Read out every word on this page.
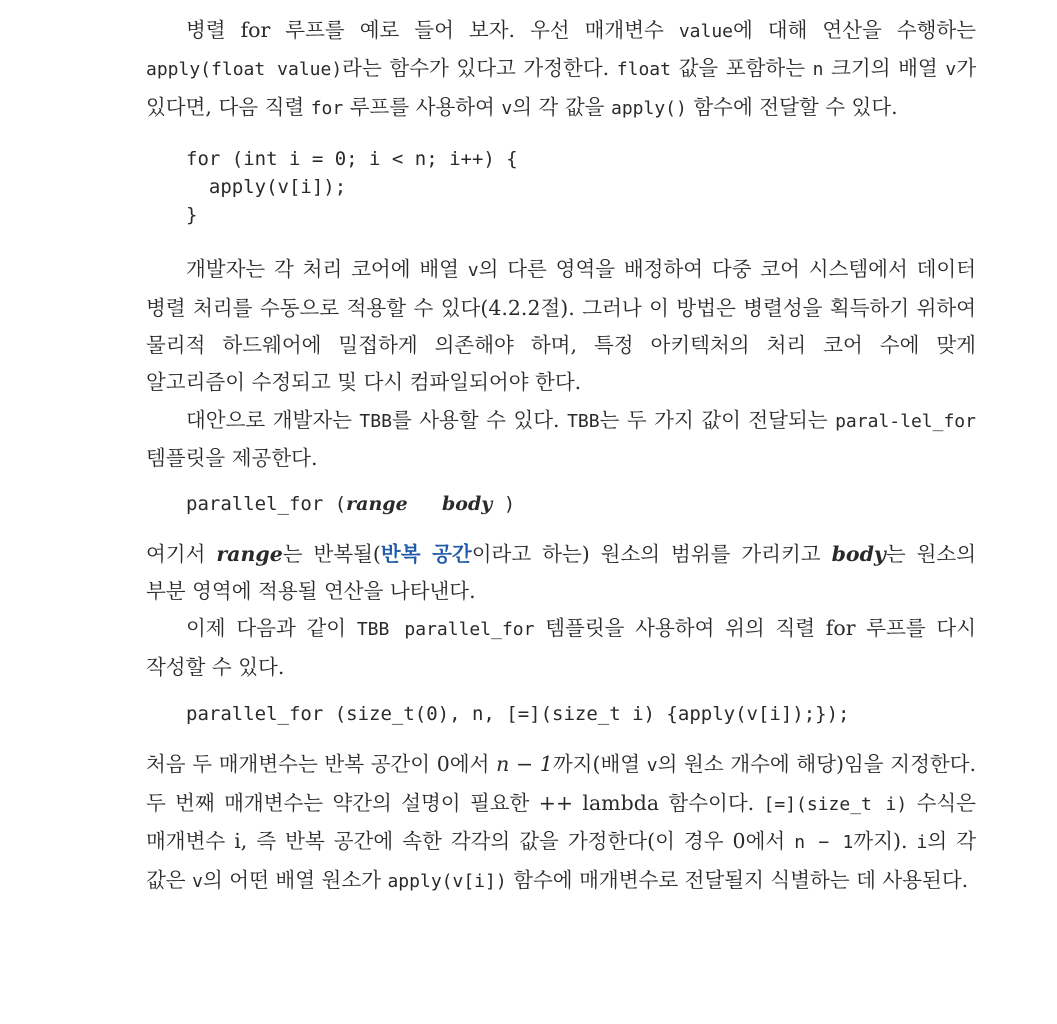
병렬 for 루프를 예로 들어 보자. 우선 매개변수 value에 대해 연산을 수행하는 apply(float value)라는 함수가 있다고 가정한다. float 값을 포함하는 n 크기의 배열 v가 있다면, 다음 직렬 for 루프를 사용하여 v의 각 값을 apply() 함수에 전달할 수 있다.

for (int i = 0; i < n; i++) {
apply(v[i]);
}

개발자는 각 처리 코어에 배열 v의 다른 영역을 배정하여 다중 코어 시스템에서 데이터 병렬 처리를 수동으로 적용할 수 있다(4.2.2절). 그러나 이 방법은 병렬성을 획득하기 위하여 물리적 하드웨어에 밀접하게 의존해야 하며, 특정 아키텍처의 처리 코어 수에 맞게 알고리즘이 수정되고 및 다시 컴파일되어야 한다.

대안으로 개발자는 TBB를 사용할 수 있다. TBB는 두 가지 값이 전달되는 paral-lel_for 템플릿을 제공한다.

parallel_for (range body )

여기서 range는 반복될(반복 공간이라고 하는) 원소의 범위를 가리키고 body는 원소의 부분 영역에 적용될 연산을 나타낸다.

이제 다음과 같이 TBB parallel_for 템플릿을 사용하여 위의 직렬 for 루프를 다시 작성할 수 있다.

parallel_for (size_t(0), n, [=](size_t i) {apply(v[i]);});

처음 두 매개변수는 반복 공간이 0에서 n − 1까지(배열 v의 원소 개수에 해당)임을 지정한다. 두 번째 매개변수는 약간의 설명이 필요한 ++ lambda 함수이다. [=](size_t i) 수식은 매개변수 i, 즉 반복 공간에 속한 각각의 값을 가정한다(이 경우 0에서 n − 1까지). i의 각 값은 v의 어떤 배열 원소가 apply(v[i]) 함수에 매개변수로 전달될지 식별하는 데 사용된다.
